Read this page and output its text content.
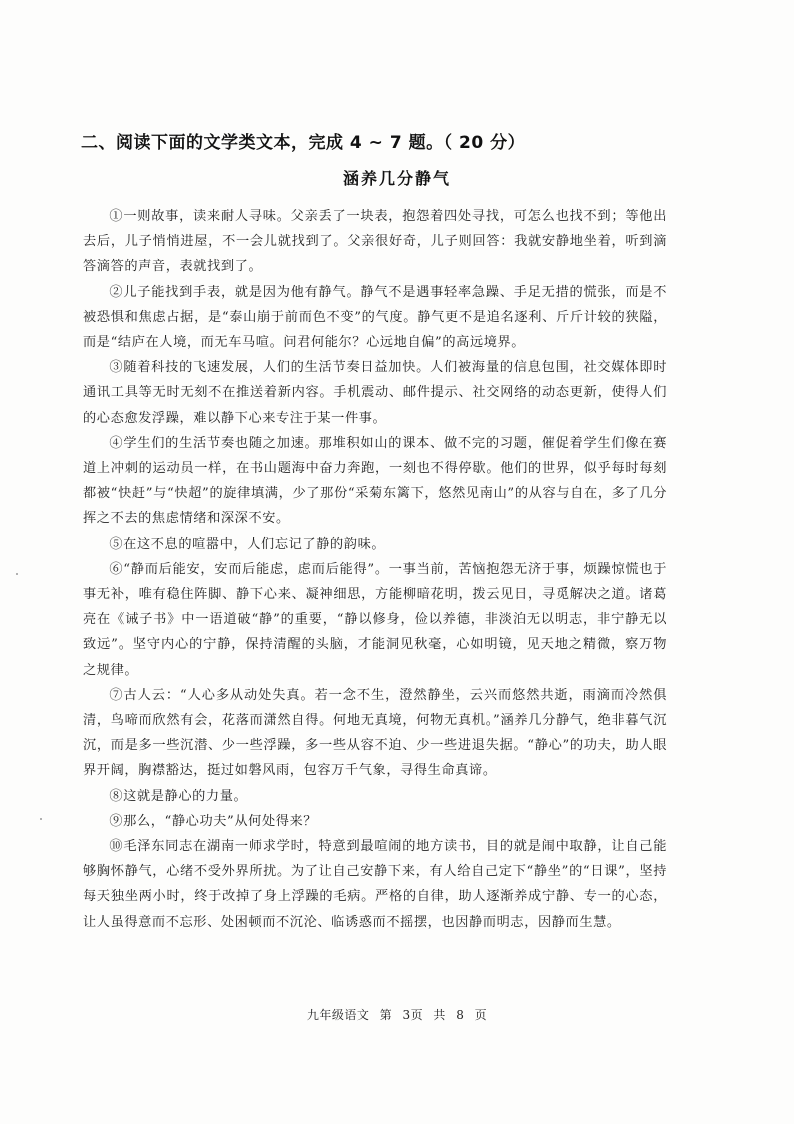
二、阅读下面的文学类文本，完成 4 ~ 7 题。（ 20 分）
涵养几分静气

①一则故事，读来耐人寻味。父亲丢了一块表，抱怨着四处寻找，可怎么也找不到；等他出去后，儿子悄悄进屋，不一会儿就找到了。父亲很好奇，儿子则回答：我就安静地坐着，听到滴答滴答的声音，表就找到了。

②儿子能找到手表，就是因为他有静气。静气不是遇事轻率急躁、手足无措的慌张，而是不被恐惧和焦虑占据，是“泰山崩于前而色不变”的气度。静气更不是追名逐利、斤斤计较的狭隘，而是“结庐在人境，而无车马喧。问君何能尔？心远地自偏”的高远境界。

③随着科技的飞速发展，人们的生活节奏日益加快。人们被海量的信息包围，社交媒体即时通讯工具等无时无刻不在推送着新内容。手机震动、邮件提示、社交网络的动态更新，使得人们的心态愈发浮躁，难以静下心来专注于某一件事。

④学生们的生活节奏也随之加速。那堆积如山的课本、做不完的习题，催促着学生们像在赛道上冲刺的运动员一样，在书山题海中奋力奔跑，一刻也不得停歇。他们的世界，似乎每时每刻都被“快赶”与“快超”的旋律填满，少了那份“采菊东篱下，悠然见南山”的从容与自在，多了几分挥之不去的焦虑情绪和深深不安。

⑤在这不息的喧嚣中，人们忘记了静的韵味。

⑥“静而后能安，安而后能虑，虑而后能得”。一事当前，苦恼抱怨无济于事，烦躁惊慌也于事无补，唯有稳住阵脚、静下心来、凝神细思，方能柳暗花明，拨云见日，寻觅解决之道。诸葛亮在《诫子书》中一语道破“静”的重要，“静以修身，俭以养德，非淡泊无以明志，非宁静无以致远”。坚守内心的宁静，保持清醒的头脑，才能洞见秋毫，心如明镜，见天地之精微，察万物之规律。

⑦古人云：“人心多从动处失真。若一念不生，澄然静坐，云兴而悠然共逝，雨滴而冷然俱清，鸟啼而欣然有会，花落而潇然自得。何地无真境，何物无真机。”涵养几分静气，绝非暮气沉沉，而是多一些沉潜、少一些浮躁，多一些从容不迫、少一些进退失据。“静心”的功夫，助人眼界开阔，胸襟豁达，挺过如磐风雨，包容万千气象，寻得生命真谛。

⑧这就是静心的力量。

⑨那么，“静心功夫”从何处得来？

⑩毛泽东同志在湖南一师求学时，特意到最喧闹的地方读书，目的就是闹中取静，让自己能够胸怀静气，心绪不受外界所扰。为了让自己安静下来，有人给自己定下“静坐”的“日课”，坚持每天独坐两小时，终于改掉了身上浮躁的毛病。严格的自律，助人逐渐养成宁静、专一的心态，让人虽得意而不忘形、处困顿而不沉沦、临诱惑而不摇摆，也因静而明志，因静而生慧。

九年级语文 第 3页 共 8 页
